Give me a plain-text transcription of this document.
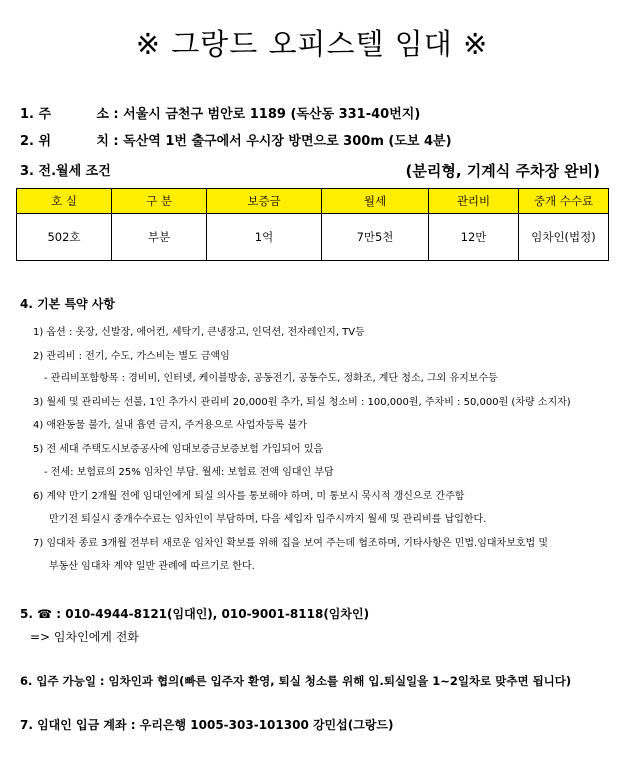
※ 그랑드 오피스텔 임대 ※
1. 주          소 : 서울시 금천구 범안로 1189 (독산동 331-40번지)
2. 위          치 : 독산역 1번 출구에서 우시장 방면으로 300m (도보 4분)
3. 전.월세 조건	(분리형, 기계식 주차장 완비)
호 실	구 분	보증금	월세	관리비	중개 수수료
502호	부분	1억	7만5천	12만	임차인(법정)
4. 기본 특약 사항
1) 옵션 : 옷장, 신발장, 에어컨, 세탁기, 큰냉장고, 인덕션, 전자레인지, TV등
2) 관리비 : 전기, 수도, 가스비는 별도 금액임
- 관리비포함항목 : 경비비, 인터넷, 케이블방송, 공동전기, 공동수도, 정화조, 계단 청소, 그외 유지보수등
3) 월세 및 관리비는 선불, 1인 추가시 관리비 20,000원 추가, 퇴실 청소비 : 100,000원, 주차비 : 50,000원 (차량 소지자)
4) 애완동물 불가, 실내 흡연 금지, 주거용으로 사업자등록 불가
5) 전 세대 주택도시보증공사에 임대보증금보증보험 가입되어 있음
- 전세: 보험료의 25% 임차인 부담. 월세: 보험료 전액 임대인 부담
6) 계약 만기 2개월 전에 임대인에게 퇴실 의사를 통보해야 하며, 미 통보시 묵시적 갱신으로 간주함
만기전 퇴실시 중개수수료는 임차인이 부담하며, 다음 세입자 입주시까지 월세 및 관리비를 납입한다.
7) 임대차 종료 3개월 전부터 새로운 임차인 확보를 위해 집을 보여 주는데 협조하며, 기타사항은 민법.임대차보호법 및
부동산 임대차 계약 일반 관례에 따르기로 한다.
5. ☎ : 010-4944-8121(임대인), 010-9001-8118(임차인)
=> 임차인에게 전화
6. 입주 가능일 : 임차인과 협의(빠른 입주자 환영, 퇴실 청소를 위해 입.퇴실일을 1~2일차로 맞추면 됩니다)
7. 임대인 입금 계좌 : 우리은행 1005-303-101300 강민섭(그랑드)
